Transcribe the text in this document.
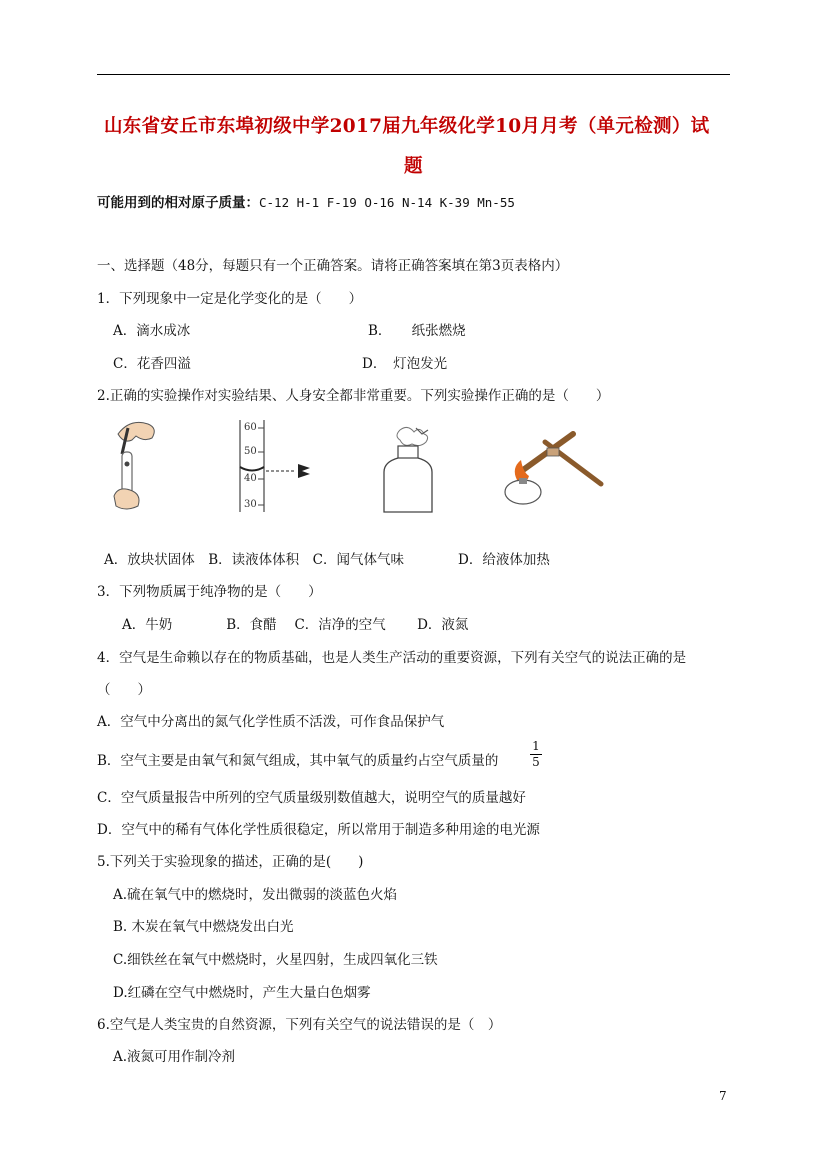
山东省安丘市东埠初级中学2017届九年级化学10月月考（单元检测）试
题
可能用到的相对原子质量：C-12 H-1 F-19 O-16 N-14 K-39 Mn-55
一、选择题（48分，每题只有一个正确答案。请将正确答案填在第3页表格内）
1．下列现象中一定是化学变化的是（　　）
A．滴水成冰	B．　　纸张燃烧
C．花香四溢	D．　灯泡发光
2.正确的实验操作对实验结果、人身安全都非常重要。下列实验操作正确的是（　　）
60
50
40
30
A．放块状固体　B．读液体体积　C．闻气体气味　　　　D．给液体加热
3．下列物质属于纯净物的是（　　）
A．牛奶　　　　B．食醋　 C．洁净的空气　　 D．液氮
4．空气是生命赖以存在的物质基础，也是人类生产活动的重要资源，下列有关空气的说法正确的是
（　　）
A．空气中分离出的氮气化学性质不活泼，可作食品保护气
B．空气主要是由氧气和氮气组成，其中氧气的质量约占空气质量的
1
5
C．空气质量报告中所列的空气质量级别数值越大，说明空气的质量越好
D．空气中的稀有气体化学性质很稳定，所以常用于制造多种用途的电光源
5.下列关于实验现象的描述，正确的是(　　)
A.硫在氧气中的燃烧时，发出微弱的淡蓝色火焰
B. 木炭在氧气中燃烧发出白光
C.细铁丝在氧气中燃烧时，火星四射，生成四氧化三铁
D.红磷在空气中燃烧时，产生大量白色烟雾
6.空气是人类宝贵的自然资源，下列有关空气的说法错误的是（　）
A.液氮可用作制冷剂
7
